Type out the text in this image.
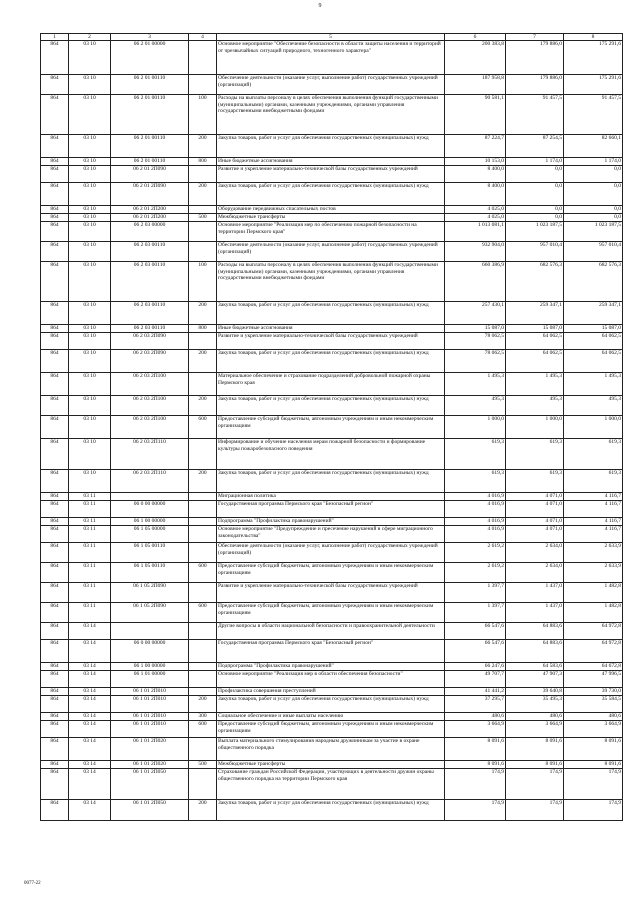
9
1	2	3	4	5	6	7	8
864	03 10	06 2 01 00000		Основное мероприятие "Обеспечение безопасности в области защиты населения и территорий от чрезвычайных ситуаций природного, техногенного характера"	200 383,8	179 886,0	175 291,6
864	03 10	06 2 01 00110		Обеспечение деятельности (оказание услуг, выполнение работ) государственных учреждений (организаций)	187 958,8	179 886,0	175 291,6
864	03 10	06 2 01 00110	100	Расходы на выплаты персоналу в целях обеспечения выполнения функций государственными (муниципальными) органами, казенными учреждениями, органами управления государственными внебюджетными фондами	90 581,1	91 457,5	91 457,5
864	03 10	06 2 01 00110	200	Закупка товаров, работ и услуг для обеспечения государственных (муниципальных) нужд	87 224,7	87 254,5	82 660,1
864	03 10	06 2 01 00110	800	Иные бюджетные ассигнования	10 153,0	1 174,0	1 174,0
864	03 10	06 2 01 2П090		Развитие и укрепление материально-технической базы государственных учреждений	8 400,0	0,0	0,0
864	03 10	06 2 01 2П090	200	Закупка товаров, работ и услуг для обеспечения государственных (муниципальных) нужд	8 400,0	0,0	0,0
864	03 10	06 2 01 2П200		Оборудование передвижных спасательных постов	4 025,0	0,0	0,0
864	03 10	06 2 01 2П200	500	Межбюджетные трансферты	4 025,0	0,0	0,0
864	03 10	06 2 03 00000		Основное мероприятие "Реализация мер по обеспечению пожарной безопасности на территории Пермского края"	1 013 081,1	1 023 187,5	1 023 187,5
864	03 10	06 2 03 00110		Обеспечение деятельности (оказание услуг, выполнение работ) государственных учреждений (организаций)	932 904,0	957 010,4	957 010,4
864	03 10	06 2 03 00110	100	Расходы на выплаты персоналу в целях обеспечения выполнения функций государственными (муниципальными) органами, казенными учреждениями, органами управления государственными внебюджетными фондами	660 386,9	682 576,3	682 576,3
864	03 10	06 2 03 00110	200	Закупка товаров, работ и услуг для обеспечения государственных (муниципальных) нужд	257 430,1	259 347,1	259 347,1
864	03 10	06 2 03 00110	800	Иные бюджетные ассигнования	15 087,0	15 087,0	15 087,0
864	03 10	06 2 03 2П090		Развитие и укрепление материально-технической базы государственных учреждений	78 062,5	64 062,5	64 062,5
864	03 10	06 2 03 2П090	200	Закупка товаров, работ и услуг для обеспечения государственных (муниципальных) нужд	78 062,5	64 062,5	64 062,5
864	03 10	06 2 03 2П100		Материальное обеспечение и страхование подразделений добровольной пожарной охраны Пермского края	1 495,3	1 495,3	1 495,3
864	03 10	06 2 03 2П100	200	Закупка товаров, работ и услуг для обеспечения государственных (муниципальных) нужд	495,3	495,3	495,3
864	03 10	06 2 03 2П100	600	Предоставление субсидий бюджетным, автономным учреждениям и иным некоммерческим организациям	1 000,0	1 000,0	1 000,0
864	03 10	06 2 03 2П110		Информирование и обучение населения мерам пожарной безопасности и формирование культуры пожаробезопасного поведения	619,3	619,3	619,3
864	03 10	06 2 03 2П110	200	Закупка товаров, работ и услуг для обеспечения государственных (муниципальных) нужд	619,3	619,3	619,3
864	03 11			Миграционная политика	4 016,9	4 071,0	4 116,7
864	03 11	06 0 00 00000		Государственная программа Пермского края "Безопасный регион"	4 016,9	4 071,0	4 116,7
864	03 11	06 1 00 00000		Подпрограмма "Профилактика правонарушений"	4 016,9	4 071,0	4 116,7
864	03 11	06 1 05 00000		Основное мероприятие "Предупреждение и пресечение нарушений в сфере миграционного законодательства"	4 016,9	4 071,0	4 116,7
864	03 11	06 1 05 00110		Обеспечение деятельности (оказание услуг, выполнение работ) государственных учреждений (организаций)	2 619,2	2 634,0	2 633,9
864	03 11	06 1 05 00110	600	Предоставление субсидий бюджетным, автономным учреждениям и иным некоммерческим организациям	2 619,2	2 634,0	2 633,9
864	03 11	06 1 05 2П090		Развитие и укрепление материально-технической базы государственных учреждений	1 397,7	1 437,0	1 482,8
864	03 11	06 1 05 2П090	600	Предоставление субсидий бюджетным, автономным учреждениям и иным некоммерческим организациям	1 397,7	1 437,0	1 482,8
864	03 14			Другие вопросы в области национальной безопасности и правоохранительной деятельности	66 547,6	64 883,6	64 972,8
864	03 14	06 0 00 00000		Государственная программа Пермского края "Безопасный регион"	66 547,6	64 883,6	64 972,8
864	03 14	06 1 00 00000		Подпрограмма "Профилактика правонарушений"	66 247,6	64 583,6	64 672,8
864	03 14	06 1 01 00000		Основное мероприятие "Реализация мер в области обеспечения безопасности"	49 707,7	47 907,3	47 996,5
864	03 14	06 1 01 2П010		Профилактика совершения преступлений	41 441,2	39 640,8	39 730,0
864	03 14	06 1 01 2П010	200	Закупка товаров, работ и услуг для обеспечения государственных (муниципальных) нужд	37 295,7	35 495,3	35 584,5
864	03 14	06 1 01 2П010	300	Социальное обеспечение и иные выплаты населению	480,6	480,6	480,6
864	03 14	06 1 01 2П010	600	Предоставление субсидий бюджетным, автономным учреждениям и иным некоммерческим организациям	3 664,9	3 664,9	3 664,9
864	03 14	06 1 01 2П020		Выплата материального стимулирования народным дружинникам за участие в охране общественного порядка	8 091,6	8 091,6	8 091,6
864	03 14	06 1 01 2П020	500	Межбюджетные трансферты	8 091,6	8 091,6	8 091,6
864	03 14	06 1 01 2П050		Страхование граждан Российской Федерации, участвующих в деятельности дружин охраны общественного порядка на территории Пермского края	174,9	174,9	174,9
864	03 14	06 1 01 2П050	200	Закупка товаров, работ и услуг для обеспечения государственных (муниципальных) нужд	174,9	174,9	174,9
0077-22
